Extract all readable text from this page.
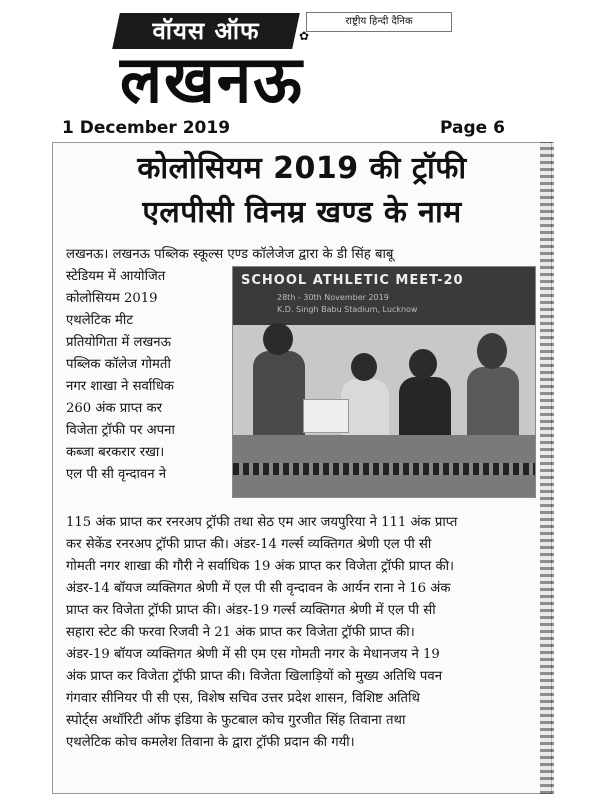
वॉयस ऑफ	राष्ट्रीय हिन्दी दैनिक
✿
लखनऊ
1 December 2019	Page 6
कोलोसियम 2019 की ट्रॉफी
एलपीसी विनम्र खण्ड के नाम
लखनऊ। लखनऊ पब्लिक स्कूल्स एण्ड कॉलेजेज द्वारा के डी सिंह बाबू
स्टेडियम में आयोजित
कोलोसियम 2019
एथलेटिक मीट
प्रतियोगिता में लखनऊ
पब्लिक कॉलेज गोमती
नगर शाखा ने सर्वाधिक
260 अंक प्राप्त कर
विजेता ट्रॉफी पर अपना
कब्जा बरकरार रखा।
एल पी सी वृन्दावन ने
SCHOOL ATHLETIC MEET-20
28th - 30th November 2019
K.D. Singh Babu Stadium, Lucknow
115 अंक प्राप्त कर रनरअप ट्रॉफी तथा सेठ एम आर जयपुरिया ने 111 अंक प्राप्त
कर सेकेंड रनरअप ट्रॉफी प्राप्त की। अंडर-14 गर्ल्स व्यक्तिगत श्रेणी एल पी सी
गोमती नगर शाखा की गौरी ने सर्वाधिक 19 अंक प्राप्त कर विजेता ट्रॉफी प्राप्त की।
अंडर-14 बॉयज व्यक्तिगत श्रेणी में एल पी सी वृन्दावन के आर्यन राना ने 16 अंक
प्राप्त कर विजेता ट्रॉफी प्राप्त की। अंडर-19 गर्ल्स व्यक्तिगत श्रेणी में एल पी सी
सहारा स्टेट की फरवा रिजवी ने 21 अंक प्राप्त कर विजेता ट्रॉफी प्राप्त की।
अंडर-19 बॉयज व्यक्तिगत श्रेणी में सी एम एस गोमती नगर के मेधानजय ने 19
अंक प्राप्त कर विजेता ट्रॉफी प्राप्त की। विजेता खिलाड़ियों को मुख्य अतिथि पवन
गंगवार सीनियर पी सी एस, विशेष सचिव उत्तर प्रदेश शासन, विशिष्ट अतिथि
स्पोर्ट्स अथॉरिटी ऑफ इंडिया के फुटबाल कोच गुरजीत सिंह तिवाना तथा
एथलेटिक कोच कमलेश तिवाना के द्वारा ट्रॉफी प्रदान की गयी।
